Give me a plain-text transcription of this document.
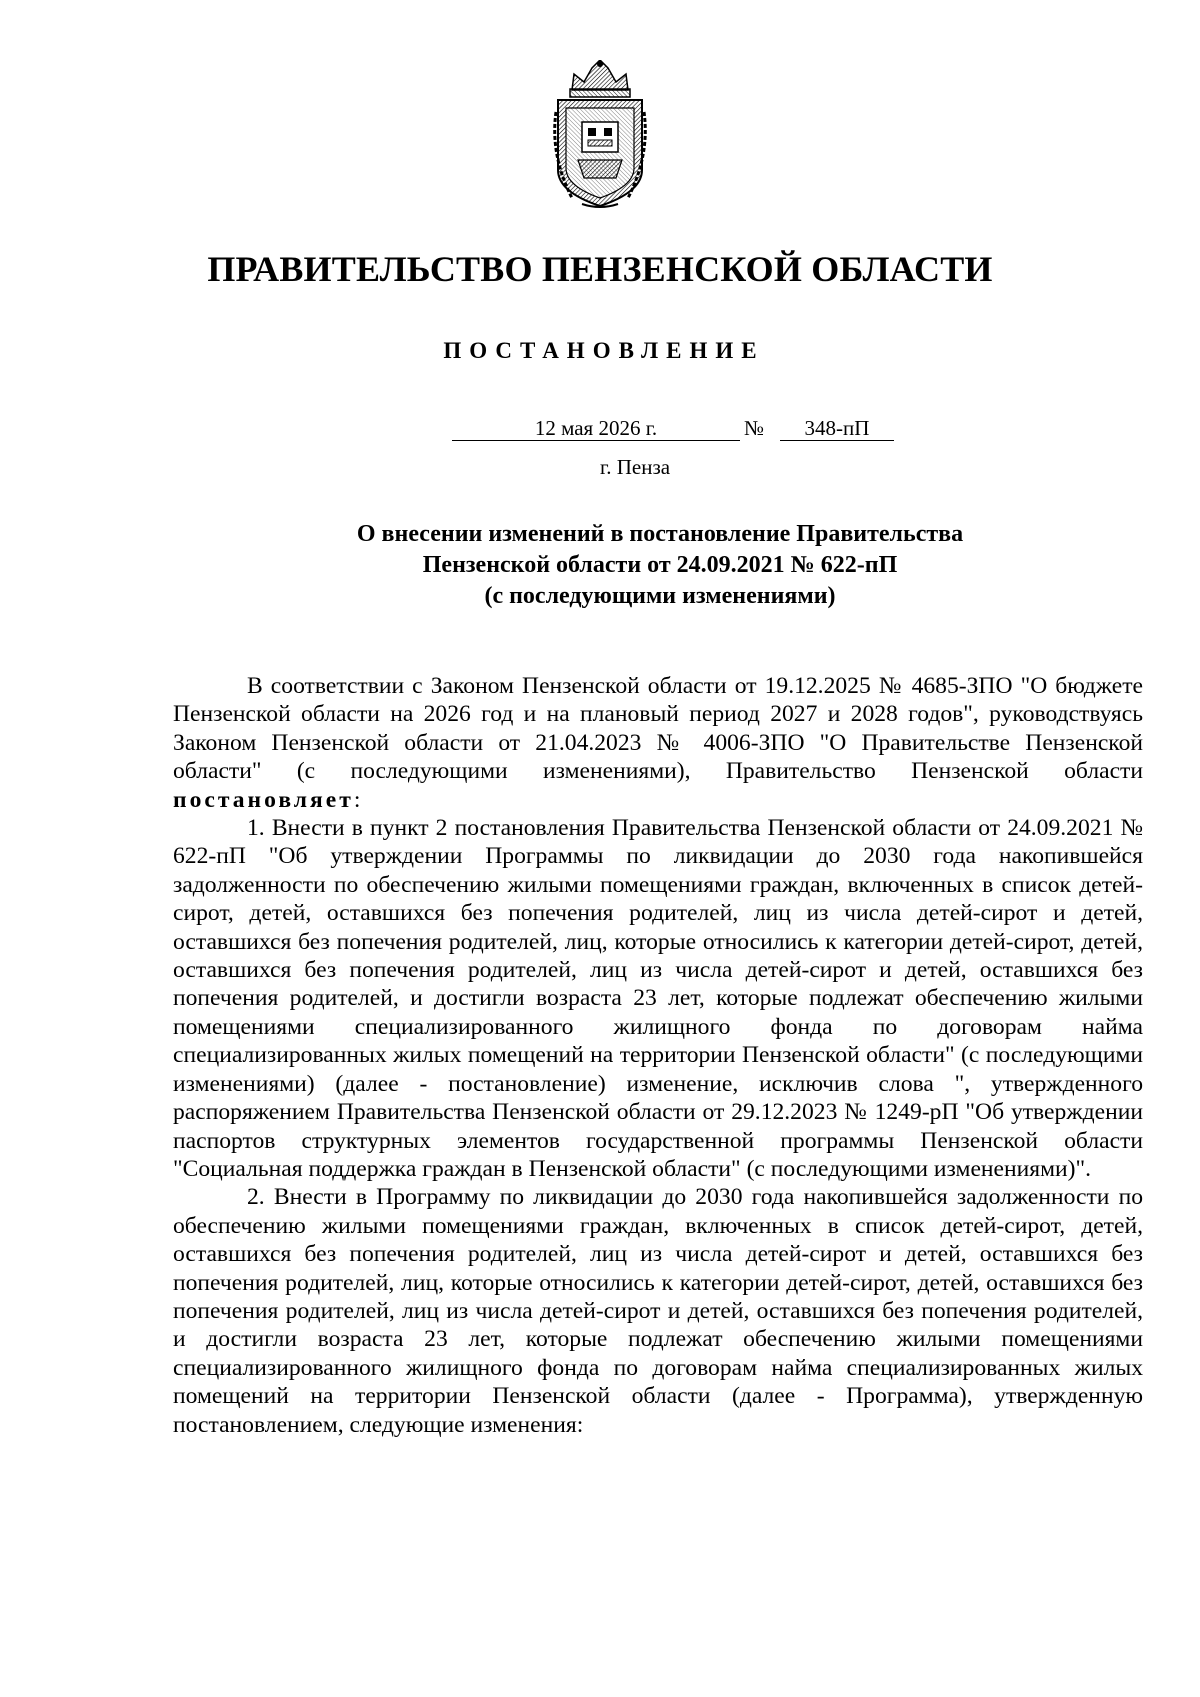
ПРАВИТЕЛЬСТВО ПЕНЗЕНСКОЙ ОБЛАСТИ
ПОСТАНОВЛЕНИЕ
12 мая 2026 г.	№	348-пП
г. Пенза
О внесении изменений в постановление Правительства
Пензенской области от 24.09.2021 № 622-пП
(с последующими изменениями)

В соответствии с Законом Пензенской области от 19.12.2025 № 4685-ЗПО "О бюджете Пензенской области на 2026 год и на плановый период 2027 и 2028 годов", руководствуясь Законом Пензенской области от 21.04.2023 № 4006-ЗПО "О Правительстве Пензенской области" (с последующими изменениями), Правительство Пензенской области постановляет:

1. Внести в пункт 2 постановления Правительства Пензенской области от 24.09.2021 № 622-пП "Об утверждении Программы по ликвидации до 2030 года накопившейся задолженности по обеспечению жилыми помещениями граждан, включенных в список детей-сирот, детей, оставшихся без попечения родителей, лиц из числа детей-сирот и детей, оставшихся без попечения родителей, лиц, которые относились к категории детей-сирот, детей, оставшихся без попечения родителей, лиц из числа детей-сирот и детей, оставшихся без попечения родителей, и достигли возраста 23 лет, которые подлежат обеспечению жилыми помещениями специализированного жилищного фонда по договорам найма специализированных жилых помещений на территории Пензенской области" (с последующими изменениями) (далее - постановление) изменение, исключив слова ", утвержденного распоряжением Правительства Пензенской области от 29.12.2023 № 1249-рП "Об утверждении паспортов структурных элементов государственной программы Пензенской области "Социальная поддержка граждан в Пензенской области" (с последующими изменениями)".

2. Внести в Программу по ликвидации до 2030 года накопившейся задолженности по обеспечению жилыми помещениями граждан, включенных в список детей-сирот, детей, оставшихся без попечения родителей, лиц из числа детей-сирот и детей, оставшихся без попечения родителей, лиц, которые относились к категории детей-сирот, детей, оставшихся без попечения родителей, лиц из числа детей-сирот и детей, оставшихся без попечения родителей, и достигли возраста 23 лет, которые подлежат обеспечению жилыми помещениями специализированного жилищного фонда по договорам найма специализированных жилых помещений на территории Пензенской области (далее - Программа), утвержденную постановлением, следующие изменения:
